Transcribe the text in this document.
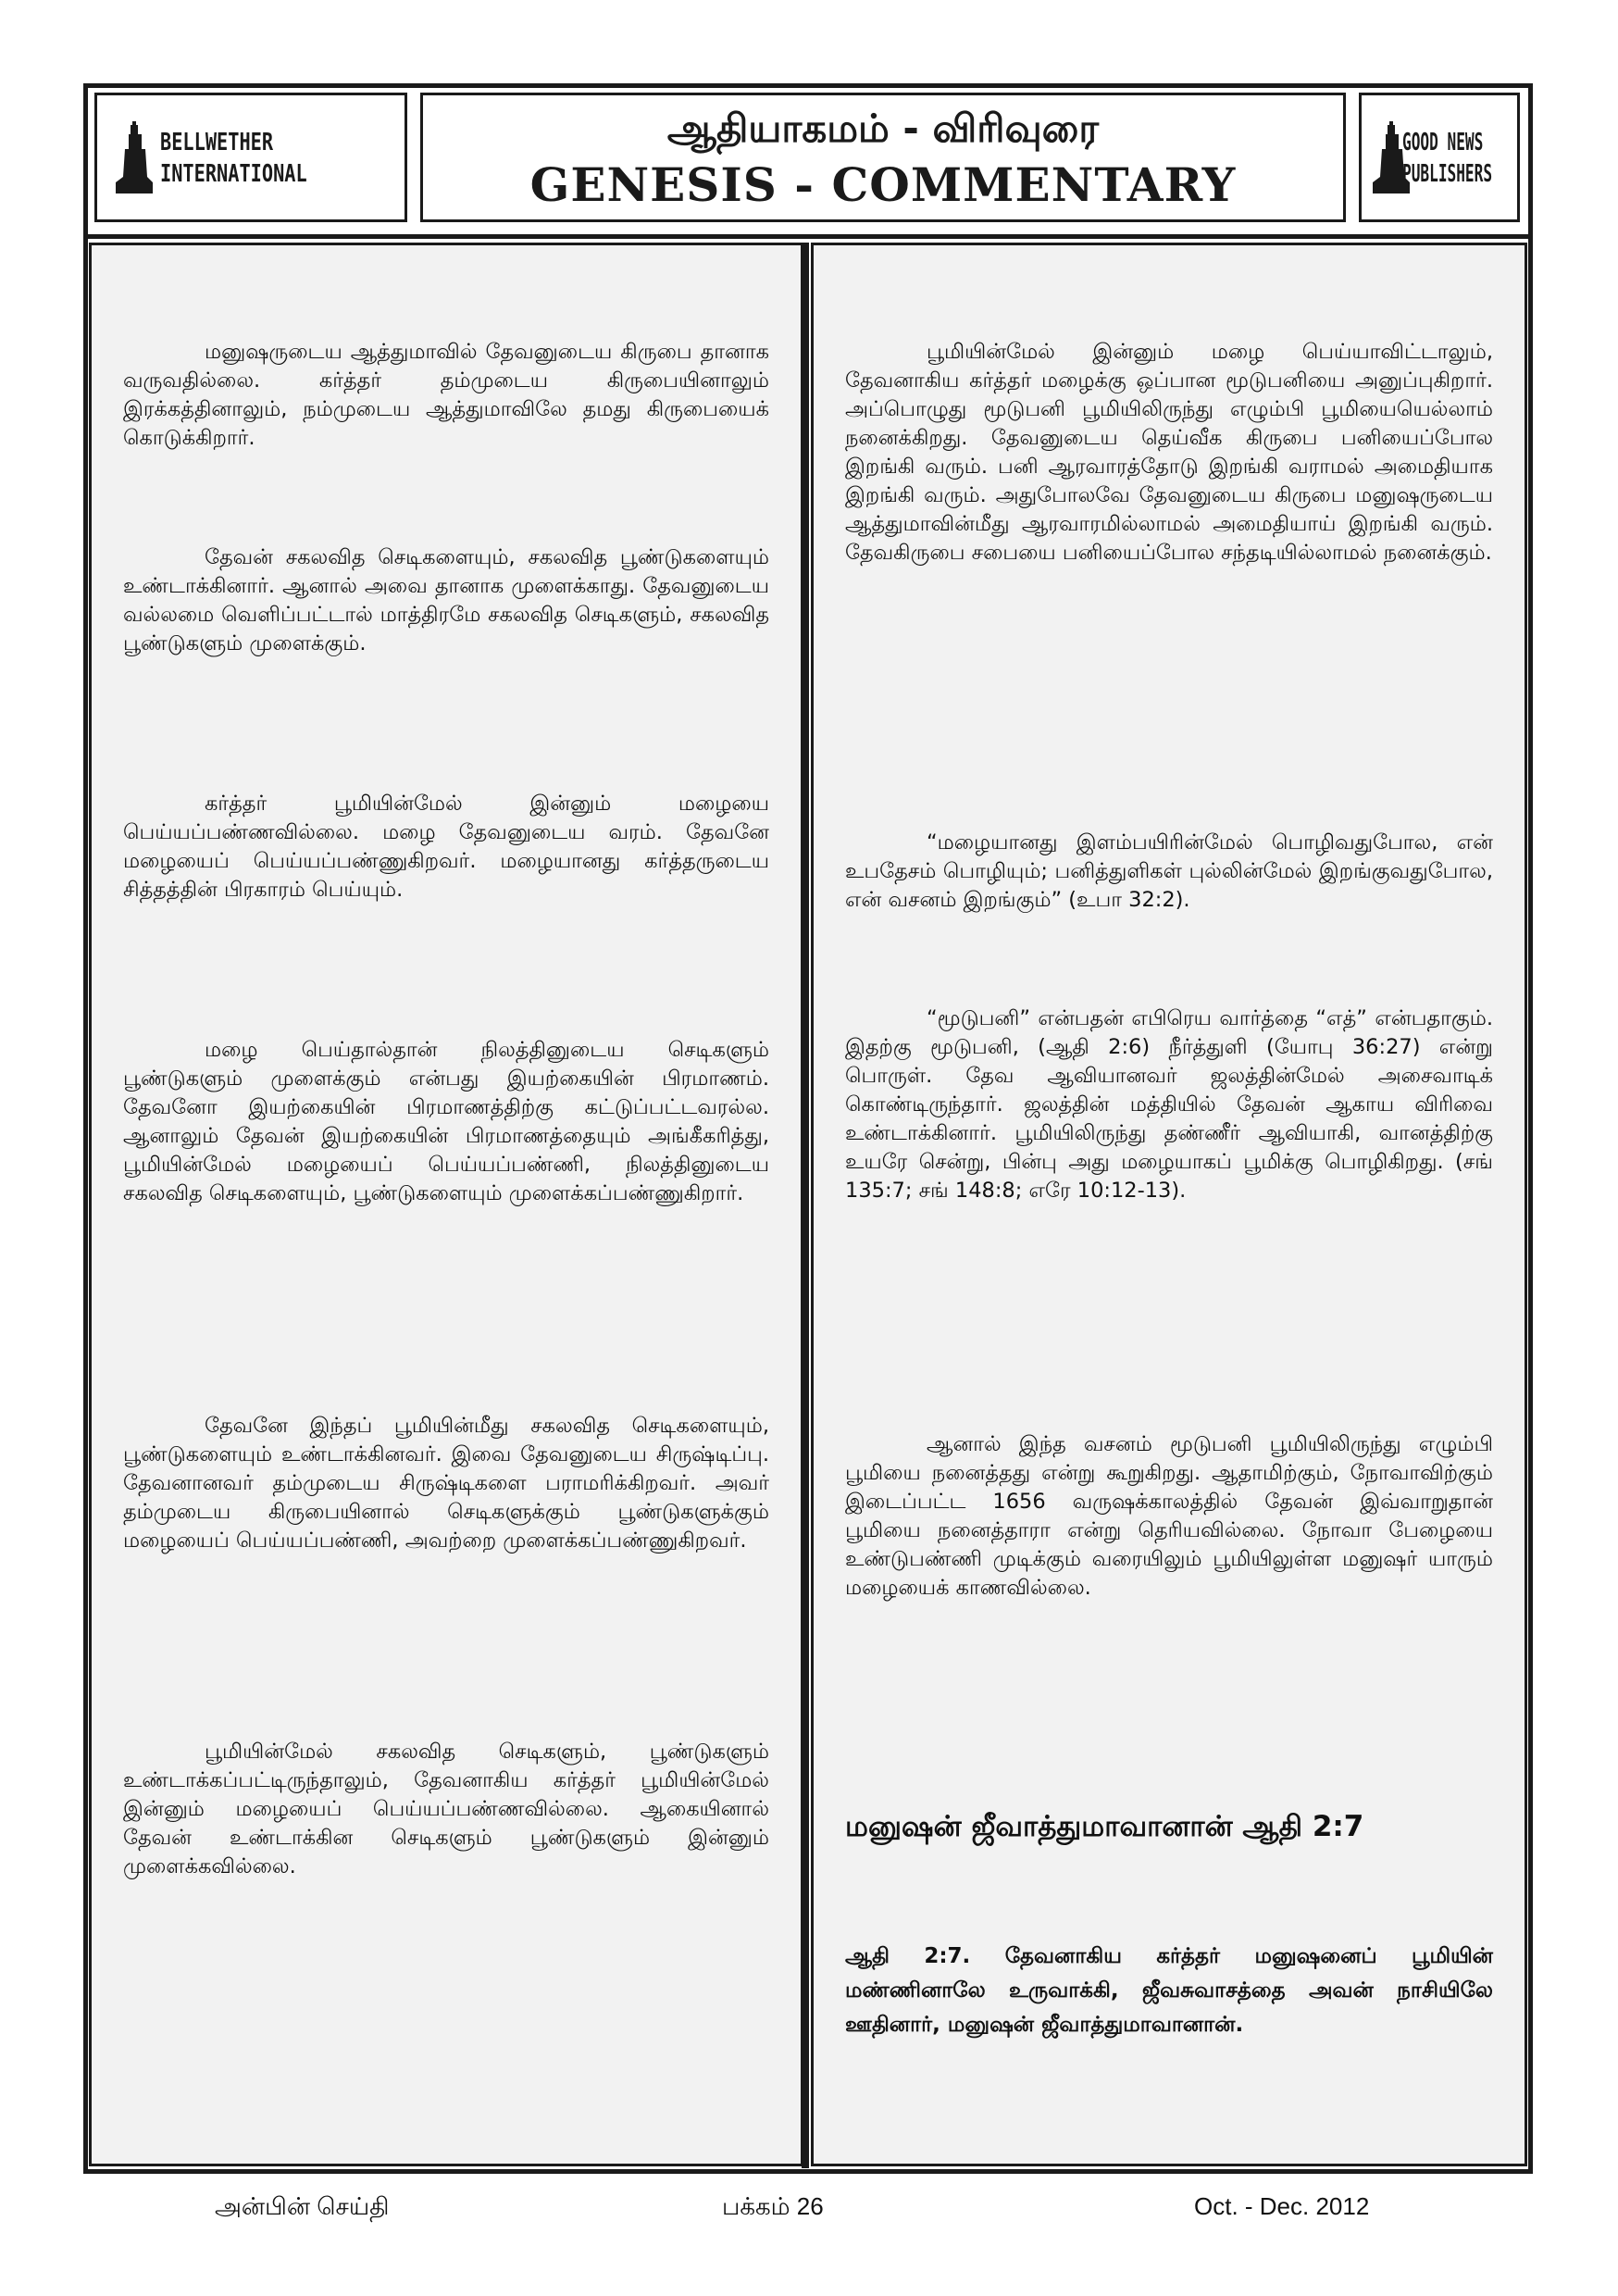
BELLWETHER
INTERNATIONAL
ஆதியாகமம் - விரிவுரை
GENESIS - COMMENTARY
GOOD NEWS
PUBLISHERS

மனுஷருடைய ஆத்துமாவில் தேவனுடைய கிருபை தானாக வருவதில்லை. கர்த்தர் தம்முடைய கிருபையினாலும் இரக்கத்தினாலும், நம்முடைய ஆத்துமாவிலே தமது கிருபையைக் கொடுக்கிறார்.

தேவன் சகலவித செடிகளையும், சகலவித பூண்டுகளையும் உண்டாக்கினார். ஆனால் அவை தானாக முளைக்காது. தேவனுடைய வல்லமை வெளிப்பட்டால் மாத்திரமே சகலவித செடிகளும், சகலவித பூண்டுகளும் முளைக்கும்.

கர்த்தர் பூமியின்மேல் இன்னும் மழையை பெய்யப்பண்ணவில்லை. மழை தேவனுடைய வரம். தேவனே மழையைப் பெய்யப்பண்ணுகிறவர். மழையானது கர்த்தருடைய சித்தத்தின் பிரகாரம் பெய்யும்.

மழை பெய்தால்தான் நிலத்தினுடைய செடிகளும் பூண்டுகளும் முளைக்கும் என்பது இயற்கையின் பிரமாணம். தேவனோ இயற்கையின் பிரமாணத்திற்கு கட்டுப்பட்டவரல்ல. ஆனாலும் தேவன் இயற்கையின் பிரமாணத்தையும் அங்கீகரித்து, பூமியின்மேல் மழையைப் பெய்யப்பண்ணி, நிலத்தினுடைய சகலவித செடிகளையும், பூண்டுகளையும் முளைக்கப்பண்ணுகிறார்.

தேவனே இந்தப் பூமியின்மீது சகலவித செடிகளையும், பூண்டுகளையும் உண்டாக்கினவர். இவை தேவனுடைய சிருஷ்டிப்பு. தேவனானவர் தம்முடைய சிருஷ்டிகளை பராமரிக்கிறவர். அவர் தம்முடைய கிருபையினால் செடிகளுக்கும் பூண்டுகளுக்கும் மழையைப் பெய்யப்பண்ணி, அவற்றை முளைக்கப்பண்ணுகிறவர்.

பூமியின்மேல் சகலவித செடிகளும், பூண்டுகளும் உண்டாக்கப்பட்டிருந்தாலும், தேவனாகிய கர்த்தர் பூமியின்மேல் இன்னும் மழையைப் பெய்யப்பண்ணவில்லை. ஆகையினால் தேவன் உண்டாக்கின செடிகளும் பூண்டுகளும் இன்னும் முளைக்கவில்லை.

பூமியின்மேல் இன்னும் மழை பெய்யாவிட்டாலும், தேவனாகிய கர்த்தர் மழைக்கு ஒப்பான மூடுபனியை அனுப்புகிறார். அப்பொழுது மூடுபனி பூமியிலிருந்து எழும்பி பூமியையெல்லாம் நனைக்கிறது. தேவனுடைய தெய்வீக கிருபை பனியைப்போல இறங்கி வரும். பனி ஆரவாரத்தோடு இறங்கி வராமல் அமைதியாக இறங்கி வரும். அதுபோலவே தேவனுடைய கிருபை மனுஷருடைய ஆத்துமாவின்மீது ஆரவாரமில்லாமல் அமைதியாய் இறங்கி வரும். தேவகிருபை சபையை பனியைப்போல சந்தடியில்லாமல் நனைக்கும்.

“மழையானது இளம்பயிரின்மேல் பொழிவதுபோல, என் உபதேசம் பொழியும்; பனித்துளிகள் புல்லின்மேல் இறங்குவதுபோல, என் வசனம் இறங்கும்” (உபா 32:2).

“மூடுபனி” என்பதன் எபிரெய வார்த்தை “எத்” என்பதாகும். இதற்கு மூடுபனி, (ஆதி 2:6) நீர்த்துளி (யோபு 36:27) என்று பொருள். தேவ ஆவியானவர் ஜலத்தின்மேல் அசைவாடிக் கொண்டிருந்தார். ஜலத்தின் மத்தியில் தேவன் ஆகாய விரிவை உண்டாக்கினார். பூமியிலிருந்து தண்ணீர் ஆவியாகி, வானத்திற்கு உயரே சென்று, பின்பு அது மழையாகப் பூமிக்கு பொழிகிறது. (சங் 135:7; சங் 148:8; எரே 10:12-13).

ஆனால் இந்த வசனம் மூடுபனி பூமியிலிருந்து எழும்பி பூமியை நனைத்தது என்று கூறுகிறது. ஆதாமிற்கும், நோவாவிற்கும் இடைப்பட்ட 1656 வருஷக்காலத்தில் தேவன் இவ்வாறுதான் பூமியை நனைத்தாரா என்று தெரியவில்லை. நோவா பேழையை உண்டுபண்ணி முடிக்கும் வரையிலும் பூமியிலுள்ள மனுஷர் யாரும் மழையைக் காணவில்லை.

மனுஷன் ஜீவாத்துமாவானான் ஆதி 2:7

ஆதி 2:7. தேவனாகிய கர்த்தர் மனுஷனைப் பூமியின் மண்ணினாலே உருவாக்கி, ஜீவசுவாசத்தை அவன் நாசியிலே ஊதினார், மனுஷன் ஜீவாத்துமாவானான்.

அன்பின் செய்தி	பக்கம் 26	Oct. - Dec. 2012
